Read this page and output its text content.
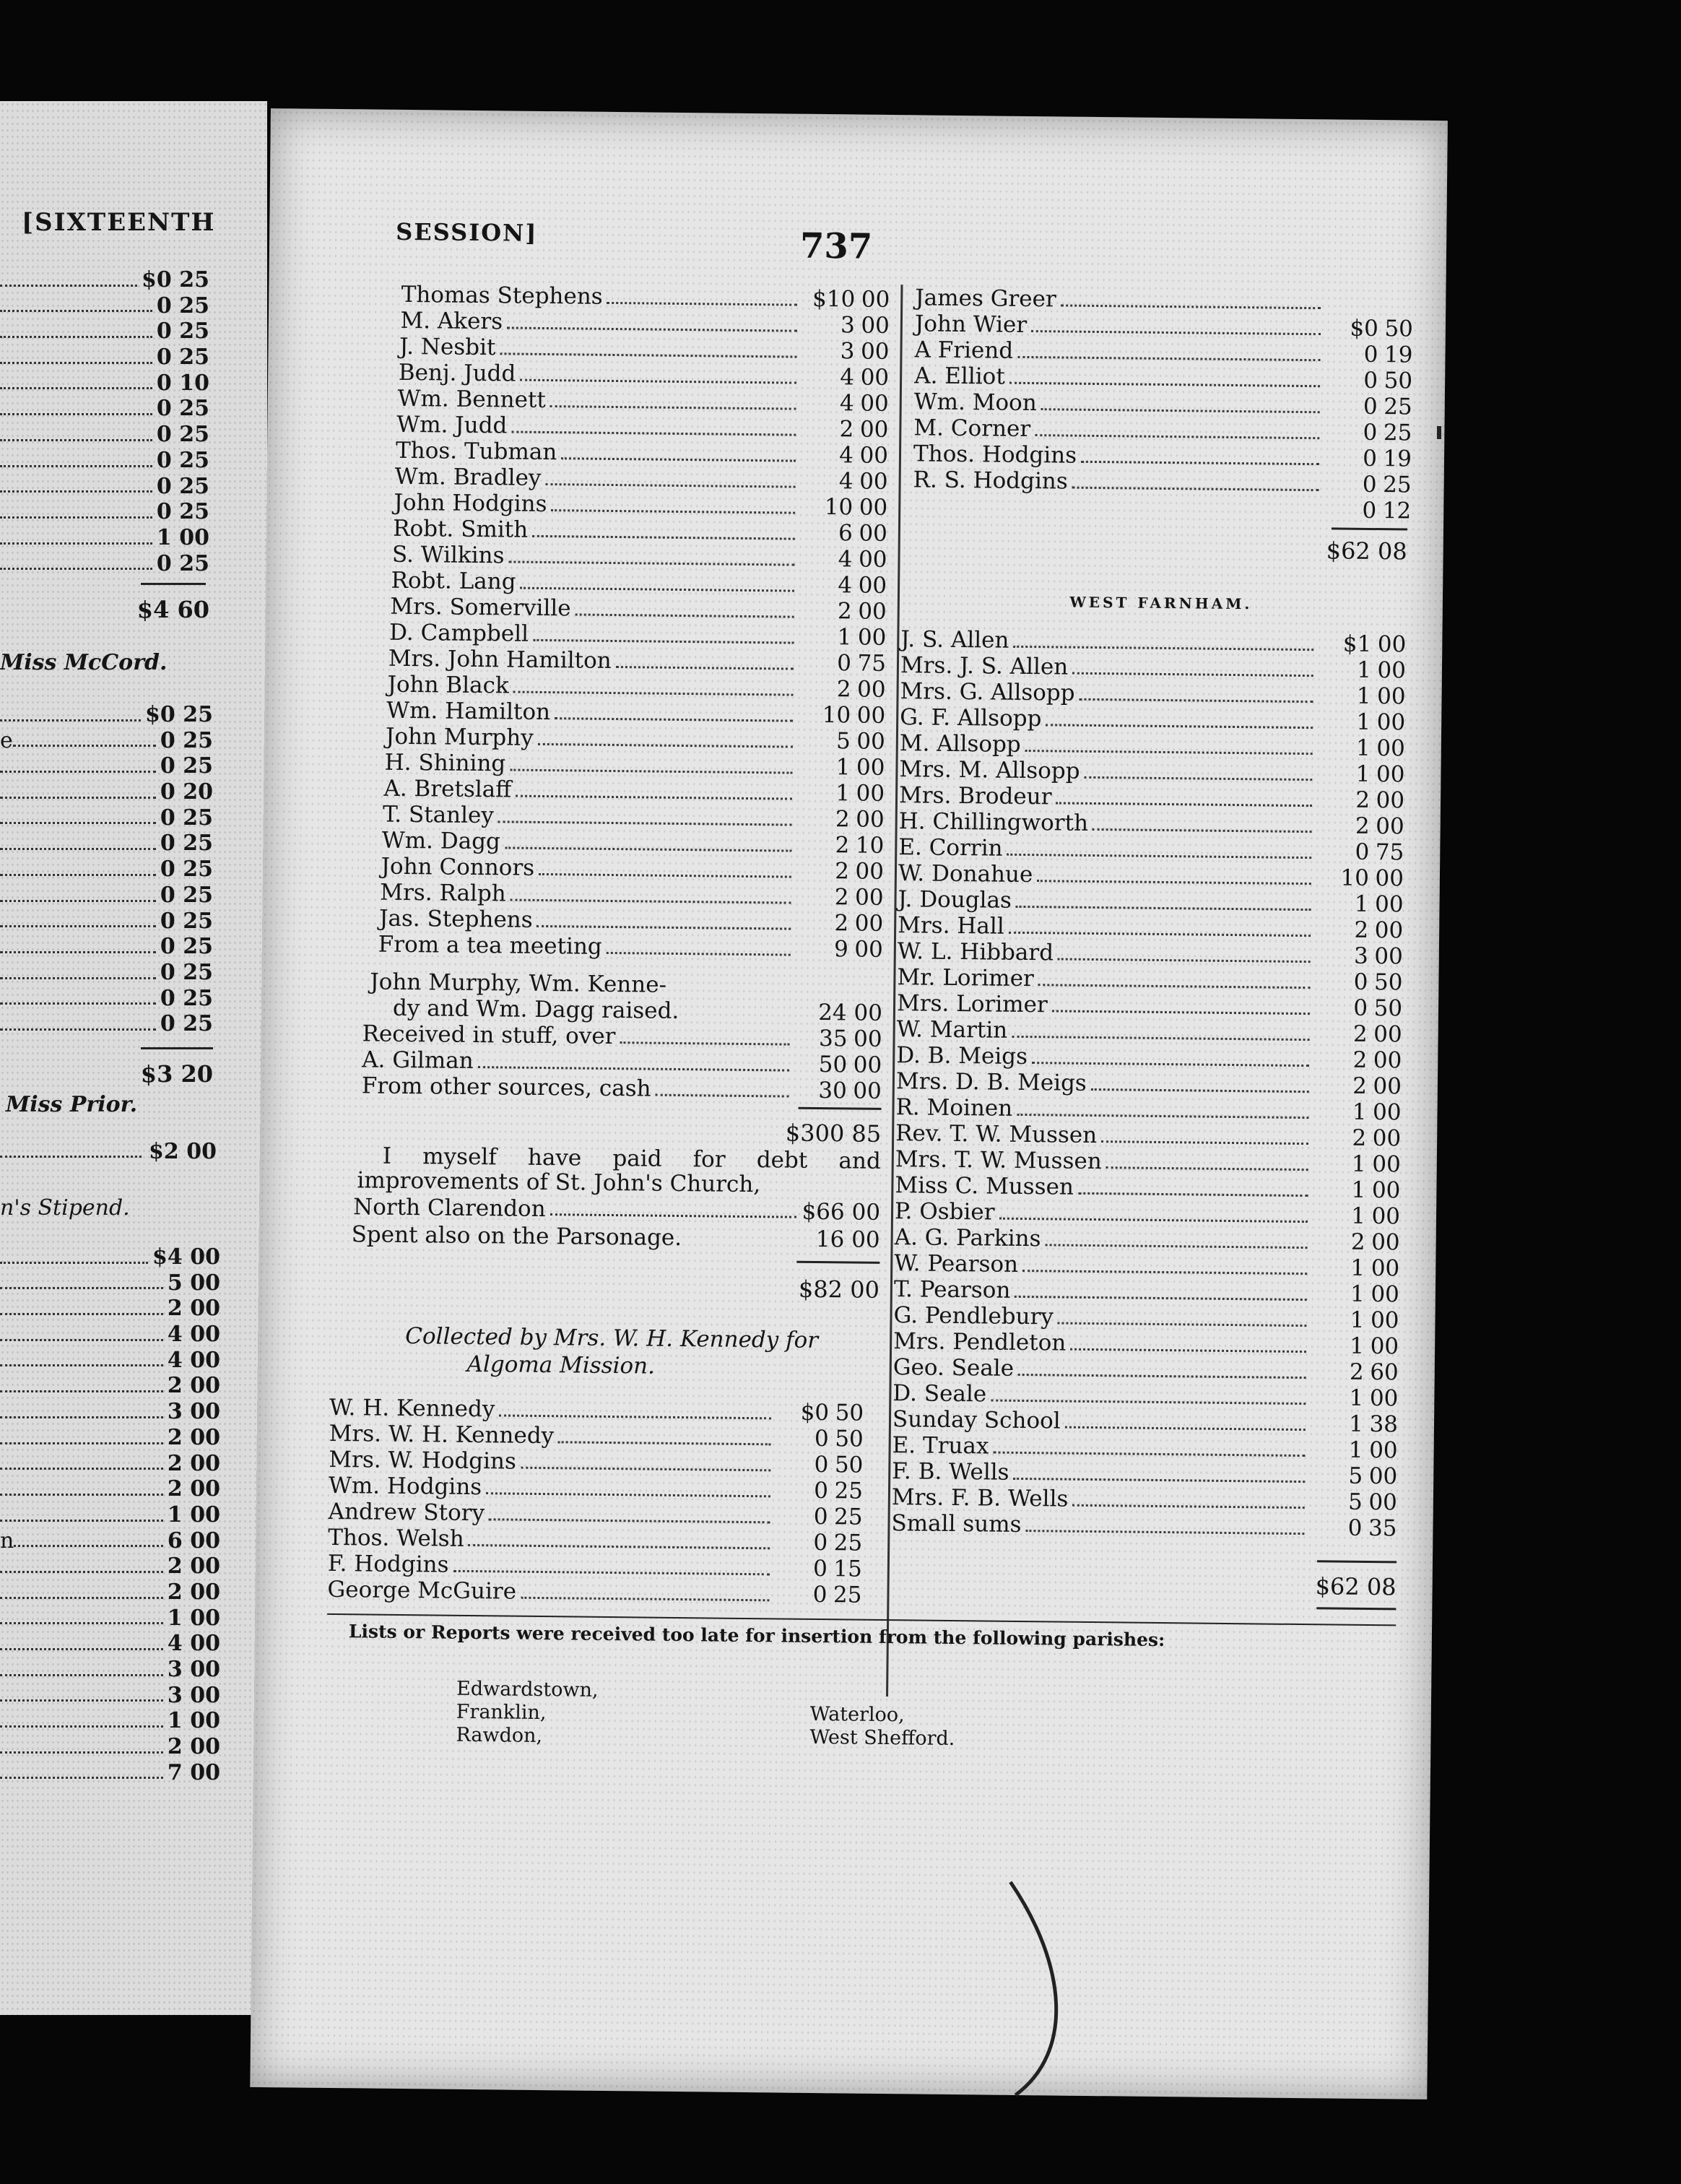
[SIXTEENTH
$0 25
0 25
0 25
0 25
0 10
0 25
0 25
0 25
0 25
0 25
1 00
0 25
$4 60
Miss McCord.
$0 25
e	0 25
0 25
0 20
0 25
0 25
0 25
0 25
0 25
0 25
0 25
0 25
0 25
$3 20
Miss Prior.
$2 00
n's Stipend.
$4 00
5 00
2 00
4 00
4 00
2 00
3 00
2 00
2 00
2 00
1 00
n	6 00
2 00
2 00
1 00
4 00
3 00
3 00
1 00
2 00
7 00
SESSION]	737
Thomas Stephens	$10 00
M. Akers	3 00
J. Nesbit	3 00
Benj. Judd	4 00
Wm. Bennett	4 00
Wm. Judd	2 00
Thos. Tubman	4 00
Wm. Bradley	4 00
John Hodgins	10 00
Robt. Smith	6 00
S. Wilkins	4 00
Robt. Lang	4 00
Mrs. Somerville	2 00
D. Campbell	1 00
Mrs. John Hamilton	0 75
John Black	2 00
Wm. Hamilton	10 00
John Murphy	5 00
H. Shining	1 00
A. Bretslaff	1 00
T. Stanley	2 00
Wm. Dagg	2 10
John Connors	2 00
Mrs. Ralph	2 00
Jas. Stephens	2 00
From a tea meeting	9 00
John Murphy, Wm. Kenne-
dy and Wm. Dagg raised.	24 00
Received in stuff, over	35 00
A. Gilman	50 00
From other sources, cash	30 00
$300 85
I myself have paid for debt and improvements of St. John's Church,
North Clarendon	$66 00
Spent also on the Parsonage.	16 00
$82 00
Collected by Mrs. W. H. Kennedy for
Algoma Mission.
W. H. Kennedy	$0 50
Mrs. W. H. Kennedy	0 50
Mrs. W. Hodgins	0 50
Wm. Hodgins	0 25
Andrew Story	0 25
Thos. Welsh	0 25
F. Hodgins	0 15
George McGuire	0 25
James Greer
John Wier	$0 50
A Friend	0 19
A. Elliot	0 50
Wm. Moon	0 25
M. Corner	0 25
Thos. Hodgins	0 19
R. S. Hodgins	0 25
0 12
$62 08
WEST FARNHAM.
J. S. Allen	$1 00
Mrs. J. S. Allen	1 00
Mrs. G. Allsopp	1 00
G. F. Allsopp	1 00
M. Allsopp	1 00
Mrs. M. Allsopp	1 00
Mrs. Brodeur	2 00
H. Chillingworth	2 00
E. Corrin	0 75
W. Donahue	10 00
J. Douglas	1 00
Mrs. Hall	2 00
W. L. Hibbard	3 00
Mr. Lorimer	0 50
Mrs. Lorimer	0 50
W. Martin	2 00
D. B. Meigs	2 00
Mrs. D. B. Meigs	2 00
R. Moinen	1 00
Rev. T. W. Mussen	2 00
Mrs. T. W. Mussen	1 00
Miss C. Mussen	1 00
P. Osbier	1 00
A. G. Parkins	2 00
W. Pearson	1 00
T. Pearson	1 00
G. Pendlebury	1 00
Mrs. Pendleton	1 00
Geo. Seale	2 60
D. Seale	1 00
Sunday School	1 38
E. Truax	1 00
F. B. Wells	5 00
Mrs. F. B. Wells	5 00
Small sums	0 35
$62 08
Lists or Reports were received too late for insertion from the following parishes:
Edwardstown,
Franklin,
Rawdon,
Waterloo,
West Shefford.
